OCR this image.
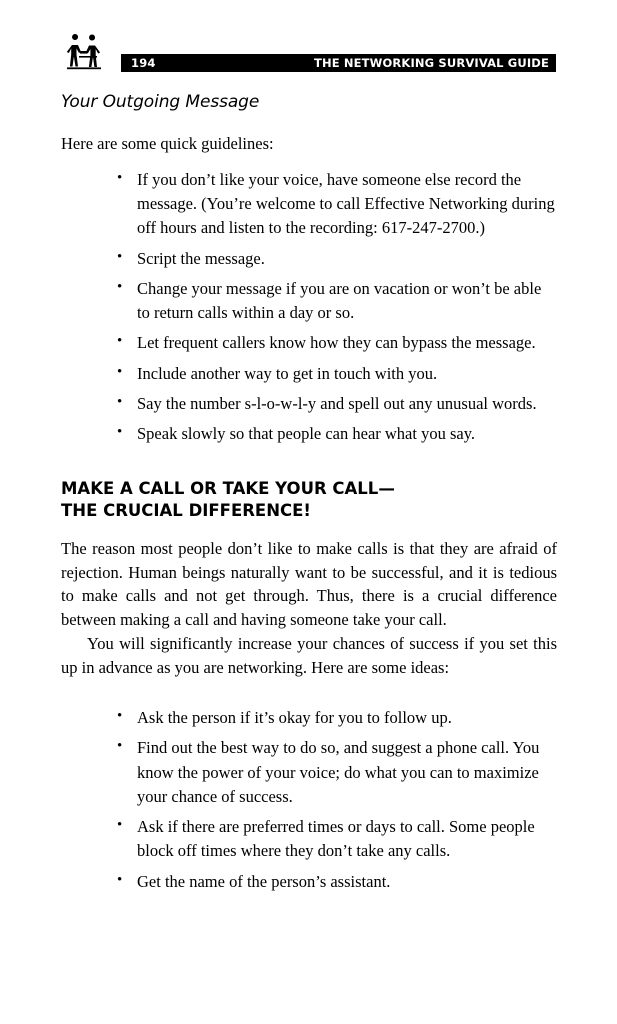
194	THE NETWORKING SURVIVAL GUIDE
Your Outgoing Message

Here are some quick guidelines:

• If you don’t like your voice, have someone else record the message. (You’re welcome to call Effective Networking during off hours and listen to the recording: 617-247-2700.)
• Script the message.
• Change your message if you are on vacation or won’t be able to return calls within a day or so.
• Let frequent callers know how they can bypass the message.
• Include another way to get in touch with you.
• Say the number s-l-o-w-l-y and spell out any unusual words.
• Speak slowly so that people can hear what you say.
MAKE A CALL OR TAKE YOUR CALL—
THE CRUCIAL DIFFERENCE!

The reason most people don’t like to make calls is that they are afraid of rejection. Human beings naturally want to be successful, and it is tedious to make calls and not get through. Thus, there is a crucial difference between making a call and having someone take your call.

You will significantly increase your chances of success if you set this up in advance as you are networking. Here are some ideas:

• Ask the person if it’s okay for you to follow up.
• Find out the best way to do so, and suggest a phone call. You know the power of your voice; do what you can to maximize your chance of success.
• Ask if there are preferred times or days to call. Some people block off times where they don’t take any calls.
• Get the name of the person’s assistant.
